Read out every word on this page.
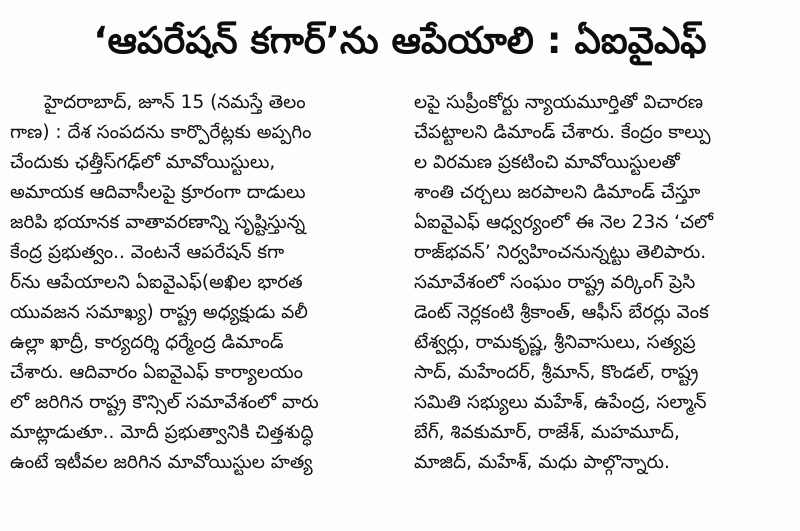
‘ఆపరేషన్ కగార్’ను ఆపేయాలి : ఏఐవైఎఫ్
హైదరాబాద్, జూన్ 15 (నమస్తే తెలం
గాణ) : దేశ సంపదను కార్పొరేట్లకు అప్పగిం
చేందుకు ఛత్తీస్‌గఢ్‌లో మావోయిస్టులు,
అమాయక ఆదివాసీలపై క్రూరంగా దాడులు
జరిపి భయానక వాతావరణాన్ని సృష్టిస్తున్న
కేంద్ర ప్రభుత్వం.. వెంటనే ఆపరేషన్ కగా
ర్‌ను ఆపేయాలని ఏఐవైఎఫ్(అఖిల భారత
యువజన సమాఖ్య) రాష్ట్ర అధ్యక్షుడు వలీ
ఉల్లా ఖాద్రీ, కార్యదర్శి ధర్మేంద్ర డిమాండ్
చేశారు. ఆదివారం ఏఐవైఎఫ్ కార్యాలయం
లో జరిగిన రాష్ట్ర కౌన్సిల్ సమావేశంలో వారు
మాట్లాడుతూ.. మోదీ ప్రభుత్వానికి చిత్తశుద్ధి
ఉంటే ఇటీవల జరిగిన మావోయిస్టుల హత్య
లపై సుప్రీంకోర్టు న్యాయమూర్తితో విచారణ
చేపట్టాలని డిమాండ్ చేశారు. కేంద్రం కాల్పు
ల విరమణ ప్రకటించి మావోయిస్టులతో
శాంతి చర్చలు జరపాలని డిమాండ్ చేస్తూ
ఏఐవైఎఫ్ ఆధ్వర్యంలో ఈ నెల 23న ‘చలో
రాజ్‌భవన్’ నిర్వహించనున్నట్టు తెలిపారు.
సమావేశంలో సంఘం రాష్ట్ర వర్కింగ్ ప్రెసి
డెంట్ నెర్లకంటి శ్రీకాంత్, ఆఫీస్ బేరర్లు వెంక
టేశ్వర్లు, రామకృష్ణ, శ్రీనివాసులు, సత్యప్ర
సాద్, మహేందర్, శ్రీమాన్, కొండల్, రాష్ట్ర
సమితి సభ్యులు మహేశ్, ఉపేంద్ర, సల్మాన్
బేగ్, శివకుమార్, రాజేశ్, మహమూద్,
మాజిద్, మహేశ్, మధు పాల్గొన్నారు.
